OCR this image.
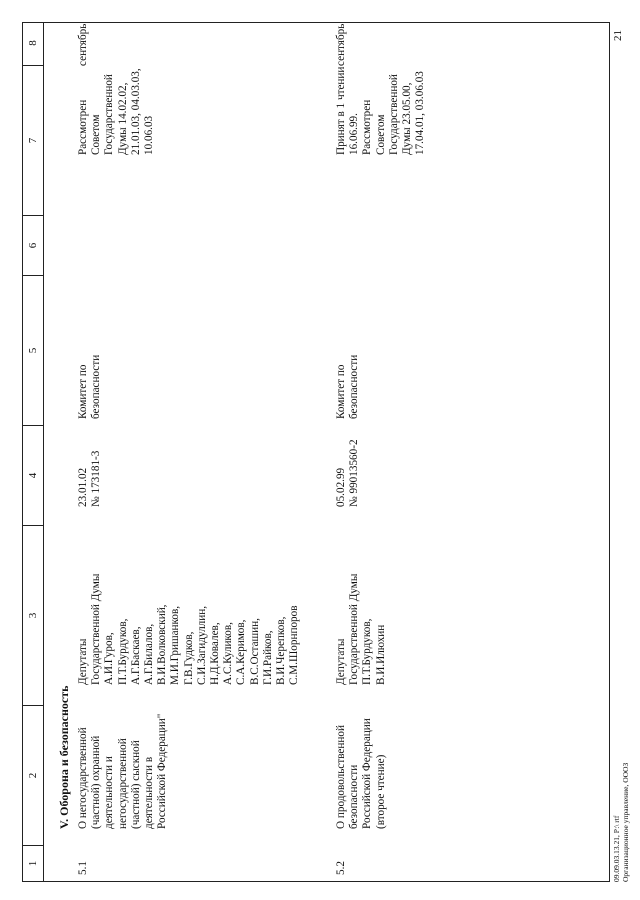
1
2
3
4
5
6
7
8
V. Оборона и безопасность
5.1
О негосударственной
(частной) охранной
деятельности и
негосударственной
(частной) сыскной
деятельности в
Российской Федерации"
Депутаты
Государственной Думы
А.И.Гуров,
П.Т.Бурдуков,
А.Г.Баскаев,
А.Г.Билалов,
В.И.Волковский,
М.И.Гришанков,
Г.В.Гудков,
С.И.Загидуллин,
Н.Д.Ковалев,
А.С.Куликов,
С.А.Керимов,
В.С.Осташин,
Г.И.Райков,
В.И.Черепков,
С.М.Шорнпоров
23.01.02
№ 173181-3
Комитет по
безопасности
Рассмотрен
Советом
Государственной
Думы 14.02.02,
21.01.03, 04.03.03,
10.06.03
сентябрь
5.2
О продовольственной
безопасности
Российской Федерации
(второе чтение)
Депутаты
Государственной Думы
П.Т.Бурдуков,
В.И.Илюхин
05.02.99
№ 99013560-2
Комитет по
безопасности
Принят в 1 чтении
16.06.99.
Рассмотрен
Советом
Государственной
Думы 23.05.00,
17.04.01, 03.06.03
сентябрь
09.09.03.13.21, Р:\ rtf
Организационное управление, ОООЗ
21
